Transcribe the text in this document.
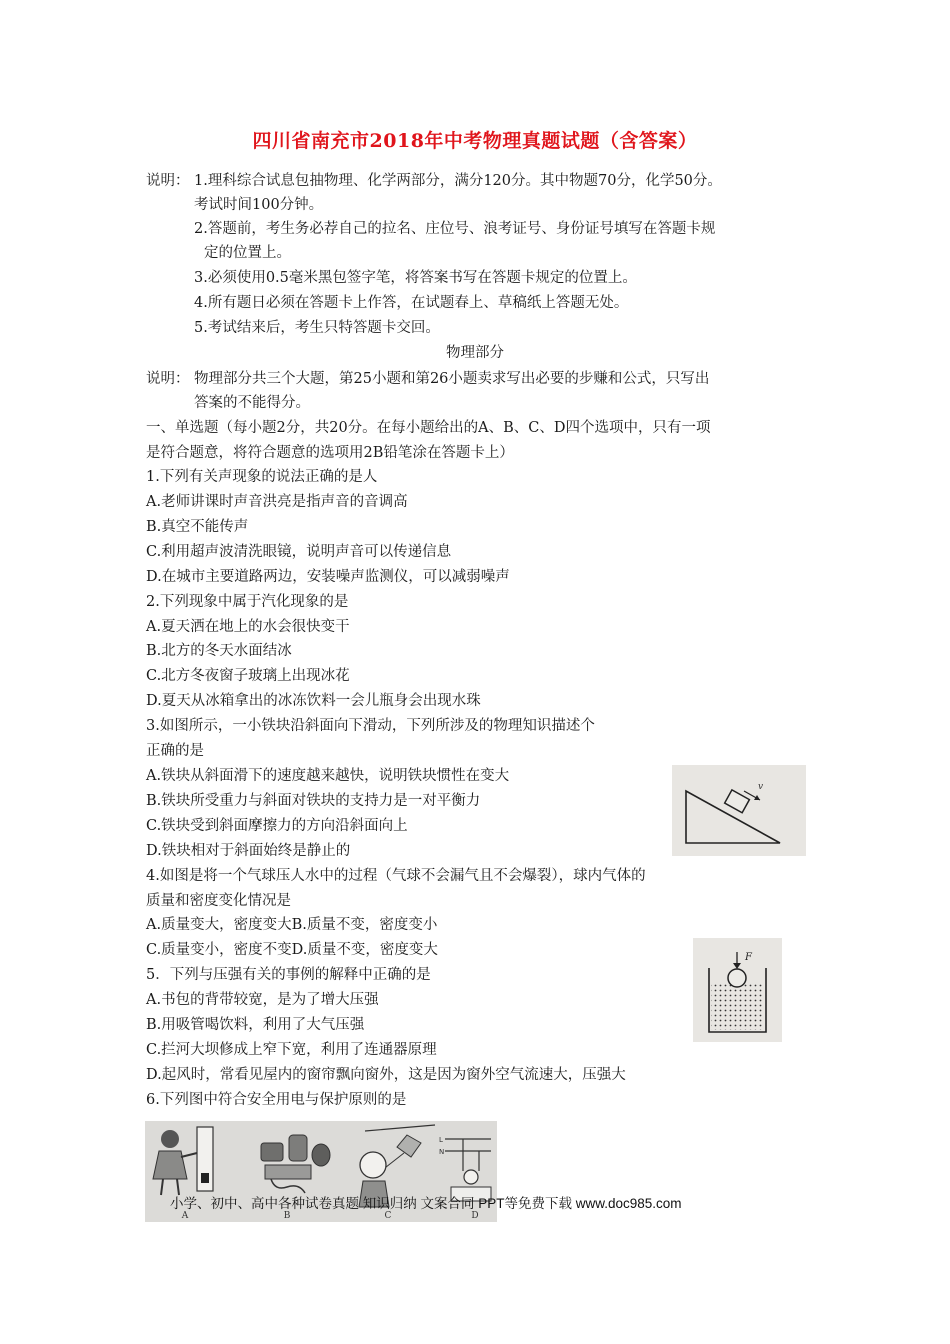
四川省南充市2018年中考物理真题试题（含答案）
说明： 1.理科综合试息包抽物理、化学两部分，满分120分。其中物题70分，化学50分。
考试时间100分钟。
2.答题前，考生务必荐自己的拉名、庄位号、浪考证号、身份证号填写在答题卡规
定的位置上。
3.必须使用0.5毫米黑包签字笔，将答案书写在答题卡规定的位置上。
4.所有题日必须在答题卡上作答，在试题春上、草稿纸上答题无处。
5.考试结来后，考生只特答题卡交回。
物理部分
说明： 物理部分共三个大题，第25小题和第26小题卖求写出必要的步赚和公式，只写出
答案的不能得分。
一、单选题（每小题2分，共20分。在每小题给出的A、B、C、D四个选项中，只有一项
是符合题意，将符合题意的选项用2B铅笔涂在答题卡上）
1.下列有关声现象的说法正确的是人
A.老师讲课时声音洪亮是指声音的音调高
B.真空不能传声
C.利用超声波清洗眼镜，说明声音可以传递信息
D.在城市主要道路两边，安装噪声监测仪，可以减弱噪声
2.下列现象中属于汽化现象的是
A.夏天洒在地上的水会很快变干
B.北方的冬天水面结冰
C.北方冬夜窗子玻璃上出现冰花
D.夏天从冰箱拿出的冰冻饮料一会儿瓶身会出现水珠
3.如图所示，一小铁块沿斜面向下滑动，下列所涉及的物理知识描述个
正确的是
A.铁块从斜面滑下的速度越来越快，说明铁块惯性在变大
B.铁块所受重力与斜面对铁块的支持力是一对平衡力
C.铁块受到斜面摩擦力的方向沿斜面向上
D.铁块相对于斜面始终是静止的
v
4.如图是将一个气球压人水中的过程（气球不会漏气且不会爆裂），球内气体的
质量和密度变化情况是
A.质量变大，密度变大B.质量不变，密度变小
C.质量变小，密度不变D.质量不变，密度变大	F
5．下列与压强有关的事例的解释中正确的是
A.书包的背带较宽，是为了增大压强
B.用吸管喝饮料，利用了大气压强
C.拦河大坝修成上窄下宽，利用了连通器原理
D.起风时，常看见屋内的窗帘飘向窗外，这是因为窗外空气流速大，压强大
6.下列图中符合安全用电与保护原则的是
L
N
A	B	C	D
小学、初中、高中各种试卷真题 知识归纳 文案合同 PPT等免费下载 www.doc985.com
